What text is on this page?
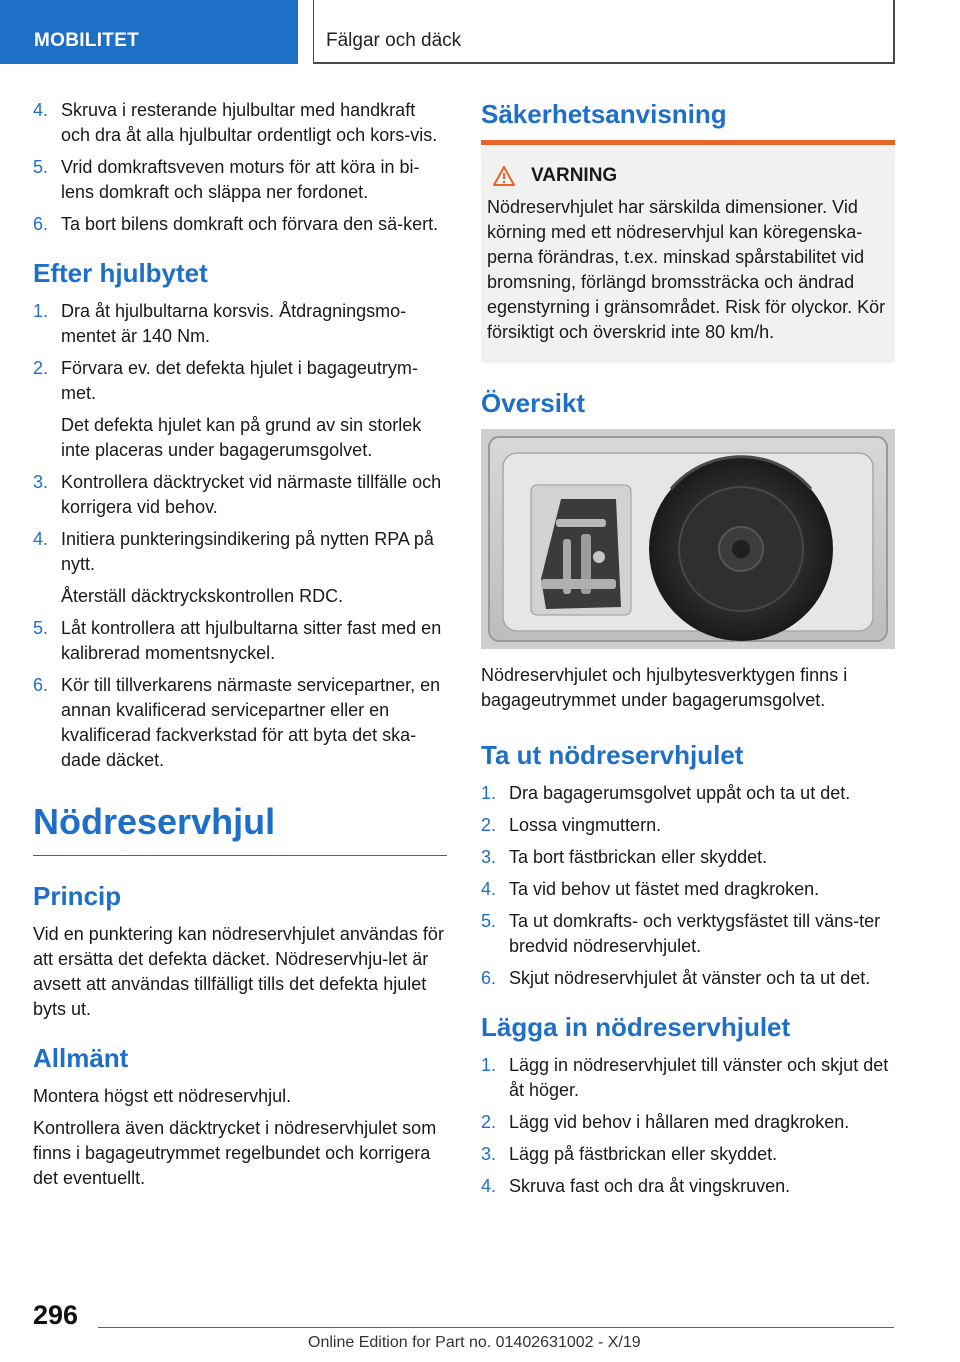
MOBILITET	Fälgar och däck
4. Skruva i resterande hjulbultar med handkraft och dra åt alla hjulbultar ordentligt och kors-vis.
5. Vrid domkraftsveven moturs för att köra in bi-lens domkraft och släppa ner fordonet.
6. Ta bort bilens domkraft och förvara den sä-kert.
Efter hjulbytet
1. Dra åt hjulbultarna korsvis. Åtdragningsmo-mentet är 140 Nm.
2. Förvara ev. det defekta hjulet i bagageutrym-met.
Det defekta hjulet kan på grund av sin storlek inte placeras under bagagerumsgolvet.
3. Kontrollera däcktrycket vid närmaste tillfälle och korrigera vid behov.
4. Initiera punkteringsindikering på nytten RPA på nytt.
Återställ däcktryckskontrollen RDC.
5. Låt kontrollera att hjulbultarna sitter fast med en kalibrerad momentsnyckel.
6. Kör till tillverkarens närmaste servicepartner, en annan kvalificerad servicepartner eller en kvalificerad fackverkstad för att byta det ska-dade däcket.
Nödreservhjul
Princip

Vid en punktering kan nödreservhjulet användas för att ersätta det defekta däcket. Nödreservhju-let är avsett att användas tillfälligt tills det defekta hjulet byts ut.

Allmänt

Montera högst ett nödreservhjul.

Kontrollera även däcktrycket i nödreservhjulet som finns i bagageutrymmet regelbundet och korrigera det eventuellt.

Säkerhetsanvisning
VARNING
Nödreservhjulet har särskilda dimensioner. Vid körning med ett nödreservhjul kan köregenska-perna förändras, t.ex. minskad spårstabilitet vid bromsning, förlängd bromssträcka och ändrad egenstyrning i gränsområdet. Risk för olyckor. Kör försiktigt och överskrid inte 80 km/h.
Översikt

Nödreservhjulet och hjulbytesverktygen finns i bagageutrymmet under bagagerumsgolvet.

Ta ut nödreservhjulet
1. Dra bagagerumsgolvet uppåt och ta ut det.
2. Lossa vingmuttern.
3. Ta bort fästbrickan eller skyddet.
4. Ta vid behov ut fästet med dragkroken.
5. Ta ut domkrafts- och verktygsfästet till väns-ter bredvid nödreservhjulet.
6. Skjut nödreservhjulet åt vänster och ta ut det.
Lägga in nödreservhjulet
1. Lägg in nödreservhjulet till vänster och skjut det åt höger.
2. Lägg vid behov i hållaren med dragkroken.
3. Lägg på fästbrickan eller skyddet.
4. Skruva fast och dra åt vingskruven.
296
Online Edition for Part no. 01402631002 - X/19
